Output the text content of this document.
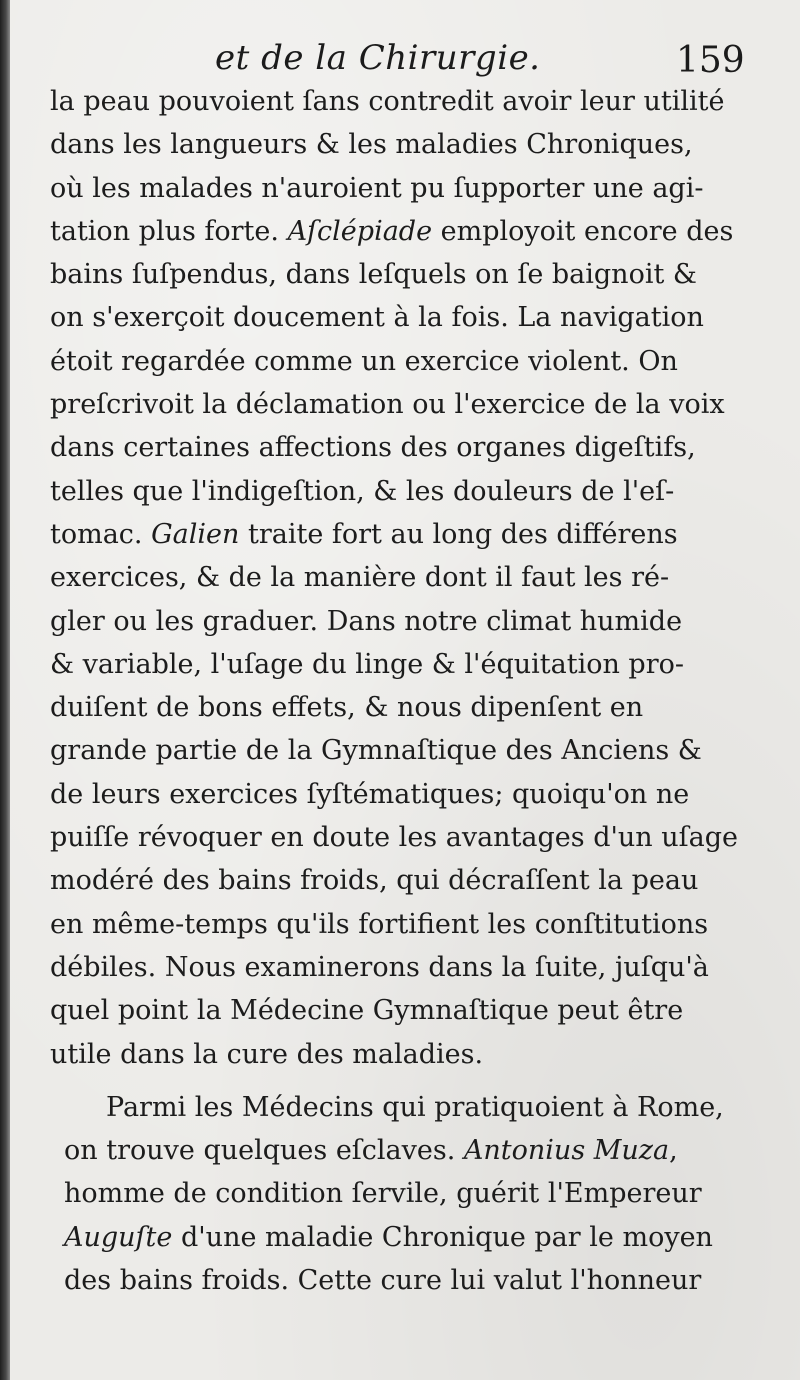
et de la Chirurgie.	159
la peau pouvoient ſans contredit avoir leur utilité
dans les langueurs & les maladies Chroniques,
où les malades n'auroient pu ſupporter une agi-
tation plus forte. Aſclépiade employoit encore des
bains ſuſpendus, dans leſquels on ſe baignoit &
on s'exerçoit doucement à la fois. La navigation
étoit regardée comme un exercice violent. On
preſcrivoit la déclamation ou l'exercice de la voix
dans certaines affections des organes digeſtifs,
telles que l'indigeſtion, & les douleurs de l'eſ-
tomac. Galien traite fort au long des différens
exercices, & de la manière dont il faut les ré-
gler ou les graduer. Dans notre climat humide
& variable, l'uſage du linge & l'équitation pro-
duiſent de bons effets, & nous dipenſent en
grande partie de la Gymnaſtique des Anciens &
de leurs exercices ſyſtématiques; quoiqu'on ne
puiſſe révoquer en doute les avantages d'un uſage
modéré des bains froids, qui décraſſent la peau
en même-temps qu'ils fortifient les conſtitutions
débiles. Nous examinerons dans la ſuite, juſqu'à
quel point la Médecine Gymnaſtique peut être
utile dans la cure des maladies.
Parmi les Médecins qui pratiquoient à Rome,
on trouve quelques eſclaves. Antonius Muza,
homme de condition ſervile, guérit l'Empereur
Auguſte d'une maladie Chronique par le moyen
des bains froids. Cette cure lui valut l'honneur
